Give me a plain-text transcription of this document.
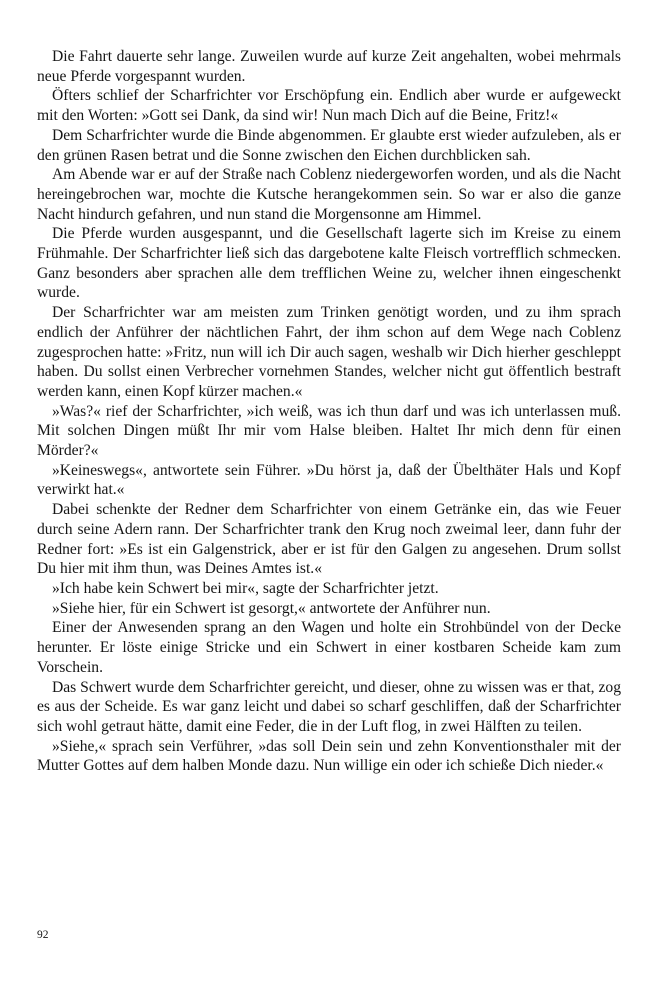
Die Fahrt dauerte sehr lange. Zuweilen wurde auf kurze Zeit angehalten, wobei mehrmals neue Pferde vorgespannt wurden.

Öfters schlief der Scharfrichter vor Erschöpfung ein. Endlich aber wurde er aufgeweckt mit den Worten: »Gott sei Dank, da sind wir! Nun mach Dich auf die Beine, Fritz!«

Dem Scharfrichter wurde die Binde abgenommen. Er glaubte erst wieder aufzuleben, als er den grünen Rasen betrat und die Sonne zwischen den Eichen durchblicken sah.

Am Abende war er auf der Straße nach Coblenz niedergeworfen worden, und als die Nacht hereingebrochen war, mochte die Kutsche herangekommen sein. So war er also die ganze Nacht hindurch gefahren, und nun stand die Morgensonne am Himmel.

Die Pferde wurden ausgespannt, und die Gesellschaft lagerte sich im Kreise zu einem Frühmahle. Der Scharfrichter ließ sich das dargebotene kalte Fleisch vortrefflich schmecken. Ganz besonders aber sprachen alle dem trefflichen Weine zu, welcher ihnen eingeschenkt wurde.

Der Scharfrichter war am meisten zum Trinken genötigt worden, und zu ihm sprach endlich der Anführer der nächtlichen Fahrt, der ihm schon auf dem Wege nach Coblenz zugesprochen hatte: »Fritz, nun will ich Dir auch sagen, weshalb wir Dich hierher geschleppt haben. Du sollst einen Verbrecher vornehmen Standes, welcher nicht gut öffentlich bestraft werden kann, einen Kopf kürzer machen.«

»Was?« rief der Scharfrichter, »ich weiß, was ich thun darf und was ich unterlassen muß. Mit solchen Dingen müßt Ihr mir vom Halse bleiben. Haltet Ihr mich denn für einen Mörder?«

»Keineswegs«, antwortete sein Führer. »Du hörst ja, daß der Übelthäter Hals und Kopf verwirkt hat.«

Dabei schenkte der Redner dem Scharfrichter von einem Getränke ein, das wie Feuer durch seine Adern rann. Der Scharfrichter trank den Krug noch zweimal leer, dann fuhr der Redner fort: »Es ist ein Galgenstrick, aber er ist für den Galgen zu angesehen. Drum sollst Du hier mit ihm thun, was Deines Amtes ist.«

»Ich habe kein Schwert bei mir«, sagte der Scharfrichter jetzt.

»Siehe hier, für ein Schwert ist gesorgt,« antwortete der Anführer nun.

Einer der Anwesenden sprang an den Wagen und holte ein Strohbündel von der Decke herunter. Er löste einige Stricke und ein Schwert in einer kostbaren Scheide kam zum Vorschein.

Das Schwert wurde dem Scharfrichter gereicht, und dieser, ohne zu wissen was er that, zog es aus der Scheide. Es war ganz leicht und dabei so scharf geschliffen, daß der Scharfrichter sich wohl getraut hätte, damit eine Feder, die in der Luft flog, in zwei Hälften zu teilen.

»Siehe,« sprach sein Verführer, »das soll Dein sein und zehn Konventionsthaler mit der Mutter Gottes auf dem halben Monde dazu. Nun willige ein oder ich schieße Dich nieder.«

92
